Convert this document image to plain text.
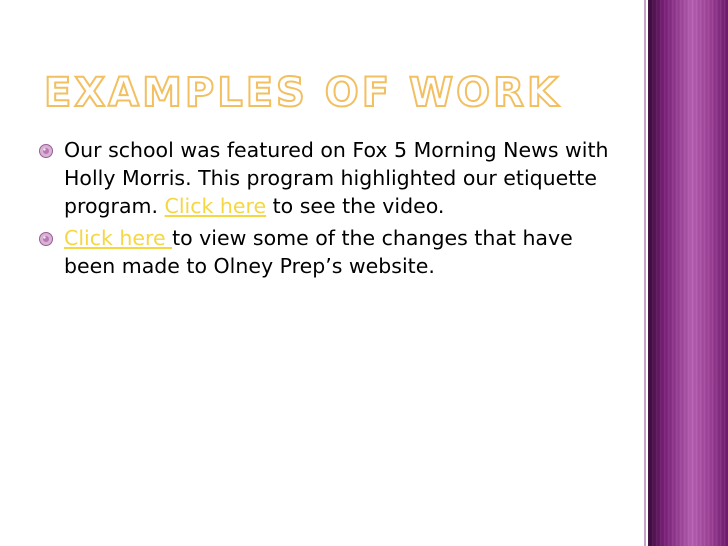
EXAMPLES OF WORK

Our school was featured on Fox 5 Morning News with Holly Morris. This program highlighted our etiquette program. Click here to see the video.

Click here to view some of the changes that have been made to Olney Prep’s website.
